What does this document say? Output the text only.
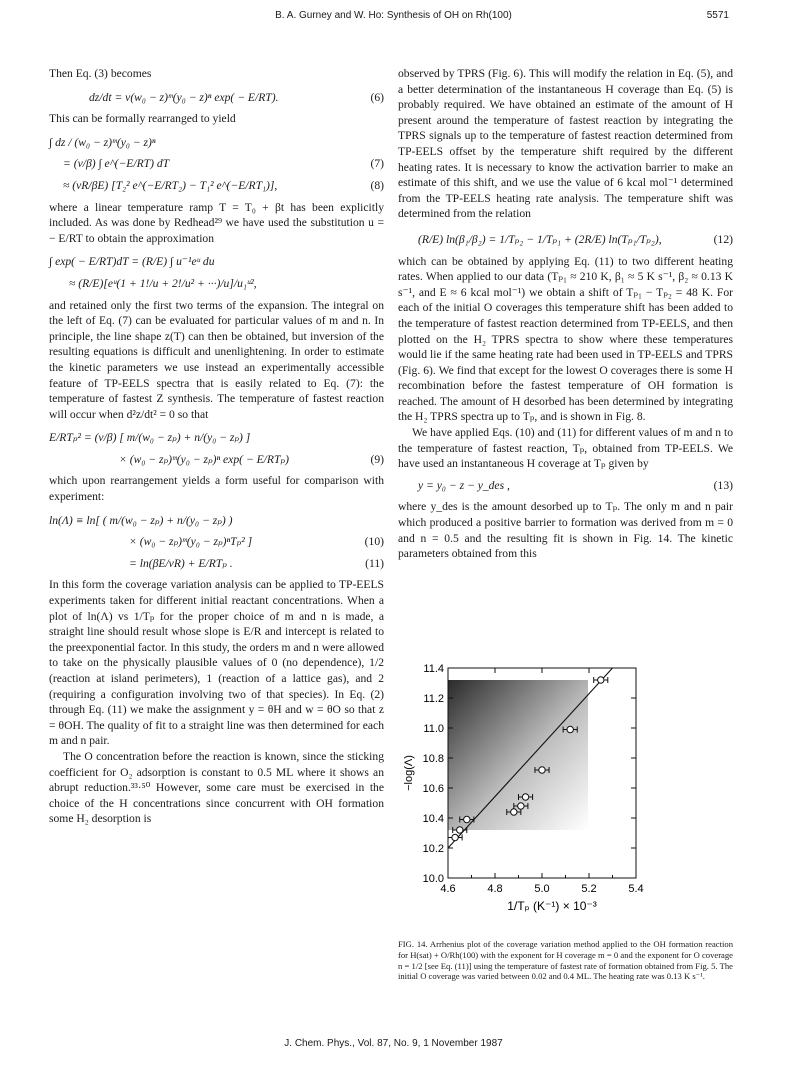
B. A. Gurney and W. Ho: Synthesis of OH on Rh(100)	5571

Then Eq. (3) becomes

dz/dt = ν(w₀ − z)ᵐ(y₀ − z)ⁿ exp( − E/RT).	(6)

This can be formally rearranged to yield

∫ dz / (w₀ − z)ᵐ(y₀ − z)ⁿ
= (ν/β) ∫ e^(−E/RT) dT	(7)
≈ (νR/βE) [T₂² e^(−E/RT₂) − T₁² e^(−E/RT₁)],	(8)

where a linear temperature ramp T = T₀ + βt has been explicitly included. As was done by Redhead²⁹ we have used the substitution u = − E/RT to obtain the approximation

∫ exp( − E/RT)dT = (R/E) ∫ u⁻¹eᵘ du
≈ (R/E)[eᵘ(1 + 1!/u + 2!/u² + ···)/u]/u₁ᵘ²,

and retained only the first two terms of the expansion. The integral on the left of Eq. (7) can be evaluated for particular values of m and n. In principle, the line shape z(T) can then be obtained, but inversion of the resulting equations is difficult and unenlightening. In order to estimate the kinetic parameters we use instead an experimentally accessible feature of TP-EELS spectra that is easily related to Eq. (7): the temperature of fastest Z synthesis. The temperature of fastest reaction will occur when d²z/dt² = 0 so that

E/RTₚ² = (ν/β) [ m/(w₀ − zₚ) + n/(y₀ − zₚ) ]
× (w₀ − zₚ)ᵐ(y₀ − zₚ)ⁿ exp( − E/RTₚ)	(9)

which upon rearrangement yields a form useful for comparison with experiment:

ln(Λ) ≡ ln[ ( m/(w₀ − zₚ) + n/(y₀ − zₚ) )
× (w₀ − zₚ)ᵐ(y₀ − zₚ)ⁿTₚ² ]	(10)
= ln(βE/νR) + E/RTₚ .	(11)

In this form the coverage variation analysis can be applied to TP-EELS experiments taken for different initial reactant concentrations. When a plot of ln(Λ) vs 1/Tₚ for the proper choice of m and n is made, a straight line should result whose slope is E/R and intercept is related to the preexponential factor. In this study, the orders m and n were allowed to take on the physically plausible values of 0 (no dependence), 1/2 (reaction at island perimeters), 1 (reaction of a lattice gas), and 2 (requiring a configuration involving two of that species). In Eq. (2) through Eq. (11) we make the assignment y = θH and w = θO so that z = θOH. The quality of fit to a straight line was then determined for each m and n pair.

The O concentration before the reaction is known, since the sticking coefficient for O₂ adsorption is constant to 0.5 ML where it shows an abrupt reduction.³³·⁵⁰ However, some care must be exercised in the choice of the H concentrations since concurrent with OH formation some H₂ desorption is

observed by TPRS (Fig. 6). This will modify the relation in Eq. (5), and a better determination of the instantaneous H coverage than Eq. (5) is probably required. We have obtained an estimate of the amount of H present around the temperature of fastest reaction by integrating the TPRS signals up to the temperature of fastest reaction determined from TP-EELS offset by the temperature shift required by the different heating rates. It is necessary to know the activation barrier to make an estimate of this shift, and we use the value of 6 kcal mol⁻¹ determined from the TP-EELS heating rate analysis. The temperature shift was determined from the relation

(R/E) ln(β₁/β₂) = 1/Tₚ₂ − 1/Tₚ₁ + (2R/E) ln(Tₚ₁/Tₚ₂),	(12)

which can be obtained by applying Eq. (11) to two different heating rates. When applied to our data (Tₚ₁ ≈ 210 K, β₁ ≈ 5 K s⁻¹, β₂ ≈ 0.13 K s⁻¹, and E ≈ 6 kcal mol⁻¹) we obtain a shift of Tₚ₁ − Tₚ₂ = 48 K. For each of the initial O coverages this temperature shift has been added to the temperature of fastest reaction determined from TP-EELS, and then plotted on the H₂ TPRS spectra to show where these temperatures would lie if the same heating rate had been used in TP-EELS and TPRS (Fig. 6). We find that except for the lowest O coverages there is some H recombination before the fastest temperature of OH formation is reached. The amount of H desorbed has been determined by integrating the H₂ TPRS spectra up to Tₚ, and is shown in Fig. 8.

We have applied Eqs. (10) and (11) for different values of m and n to the temperature of fastest reaction, Tₚ, obtained from TP-EELS. We have used an instantaneous H coverage at Tₚ given by

y = y₀ − z − y_des ,	(13)

where y_des is the amount desorbed up to Tₚ. The only m and n pair which produced a positive barrier to formation was derived from m = 0 and n = 0.5 and the resulting fit is shown in Fig. 14. The kinetic parameters obtained from this

10.0
10.2
10.4
10.6
10.8
11.0
11.2
11.4
4.6	4.8	5.0	5.2	5.4
−log(Λ)
1/Tₚ (K⁻¹) × 10⁻³
FIG. 14. Arrhenius plot of the coverage variation method applied to the OH formation reaction for H(sat) + O/Rh(100) with the exponent for H coverage m = 0 and the exponent for O coverage n = 1/2 [see Eq. (11)] using the temperature of fastest rate of formation obtained from Fig. 5. The initial O coverage was varied between 0.02 and 0.4 ML. The heating rate was 0.13 K s⁻¹.
J. Chem. Phys., Vol. 87, No. 9, 1 November 1987
